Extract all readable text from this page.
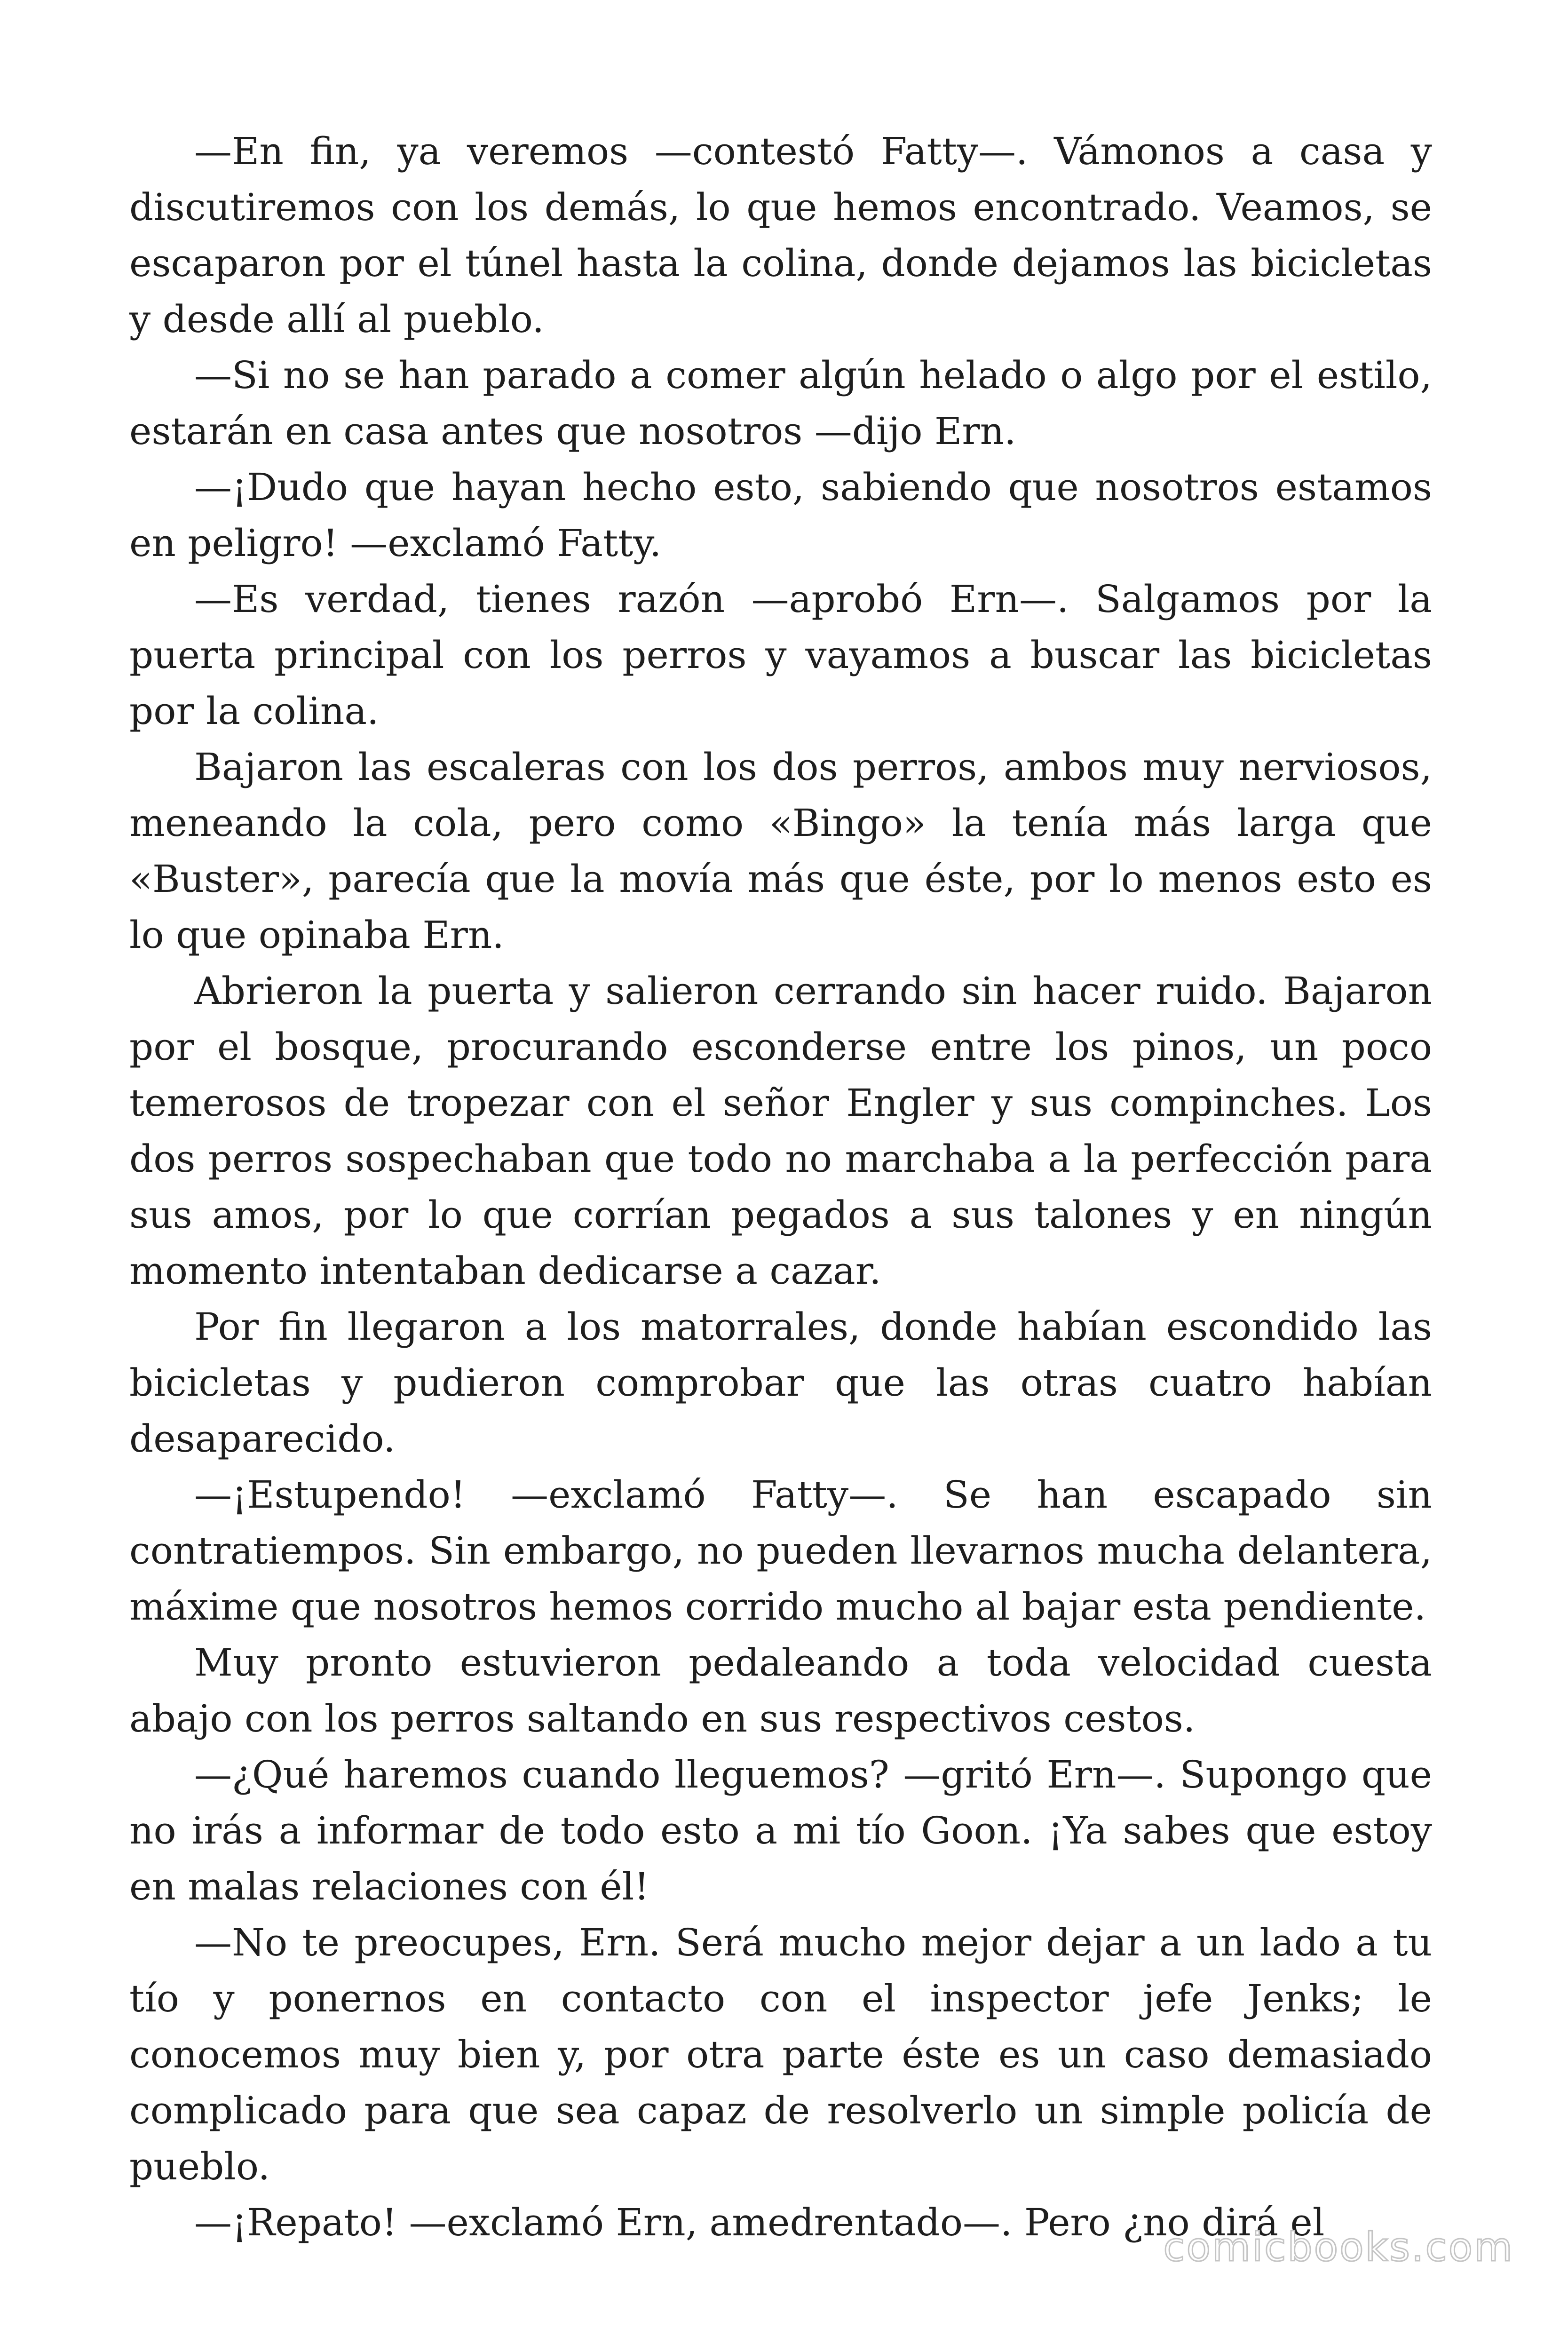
—En fin, ya veremos —contestó Fatty—. Vámonos a casa y discutiremos con los demás, lo que hemos encontrado. Veamos, se escaparon por el túnel hasta la colina, donde dejamos las bicicletas y desde allí al pueblo.

—Si no se han parado a comer algún helado o algo por el estilo, estarán en casa antes que nosotros —dijo Ern.

—¡Dudo que hayan hecho esto, sabiendo que nosotros estamos en peligro! —exclamó Fatty.

—Es verdad, tienes razón —aprobó Ern—. Salgamos por la puerta principal con los perros y vayamos a buscar las bicicletas por la colina.

Bajaron las escaleras con los dos perros, ambos muy nerviosos, meneando la cola, pero como «Bingo» la tenía más larga que «Buster», parecía que la movía más que éste, por lo menos esto es lo que opinaba Ern.

Abrieron la puerta y salieron cerrando sin hacer ruido. Bajaron por el bosque, procurando esconderse entre los pinos, un poco temerosos de tropezar con el señor Engler y sus compinches. Los dos perros sospechaban que todo no marchaba a la perfección para sus amos, por lo que corrían pegados a sus talones y en ningún momento intentaban dedicarse a cazar.

Por fin llegaron a los matorrales, donde habían escondido las bicicletas y pudieron comprobar que las otras cuatro habían desaparecido.

—¡Estupendo! —exclamó Fatty—. Se han escapado sin contratiempos. Sin embargo, no pueden llevarnos mucha delantera, máxime que nosotros hemos corrido mucho al bajar esta pendiente.

Muy pronto estuvieron pedaleando a toda velocidad cuesta abajo con los perros saltando en sus respectivos cestos.

—¿Qué haremos cuando lleguemos? —gritó Ern—. Supongo que no irás a informar de todo esto a mi tío Goon. ¡Ya sabes que estoy en malas relaciones con él!

—No te preocupes, Ern. Será mucho mejor dejar a un lado a tu tío y ponernos en contacto con el inspector jefe Jenks; le conocemos muy bien y, por otra parte éste es un caso demasiado complicado para que sea capaz de resolverlo un simple policía de pueblo.

—¡Repato! —exclamó Ern, amedrentado—. Pero ¿no dirá el

comicbooks.com
